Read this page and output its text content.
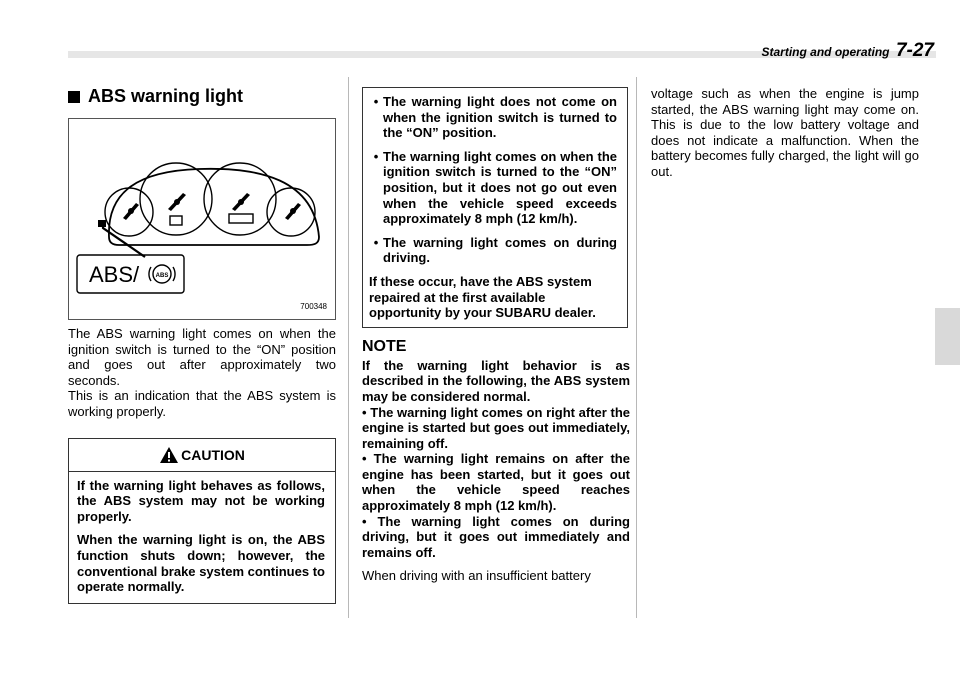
Starting and operating 7-27
ABS warning light
ABS/	ABS
700348

The ABS warning light comes on when the ignition switch is turned to the “ON” position and goes out after approximately two seconds.

This is an indication that the ABS system is working properly.

CAUTION

If the warning light behaves as follows, the ABS system may not be working properly.

When the warning light is on, the ABS function shuts down; however, the conventional brake system continues to operate normally.

• The warning light does not come on when the ignition switch is turned to the “ON” position.
• The warning light comes on when the ignition switch is turned to the “ON” position, but it does not go out even when the vehicle speed exceeds approximately 8 mph (12 km/h).
• The warning light comes on during driving.

If these occur, have the ABS system repaired at the first available opportunity by your SUBARU dealer.

NOTE

If the warning light behavior is as described in the following, the ABS system may be considered normal.

• The warning light comes on right after the engine is started but goes out immediately, remaining off.

• The warning light remains on after the engine has been started, but it goes out when the vehicle speed reaches approximately 8 mph (12 km/h).

• The warning light comes on during driving, but it goes out immediately and remains off.

When driving with an insufficient battery

voltage such as when the engine is jump started, the ABS warning light may come on. This is due to the low battery voltage and does not indicate a malfunction. When the battery becomes fully charged, the light will go out.
